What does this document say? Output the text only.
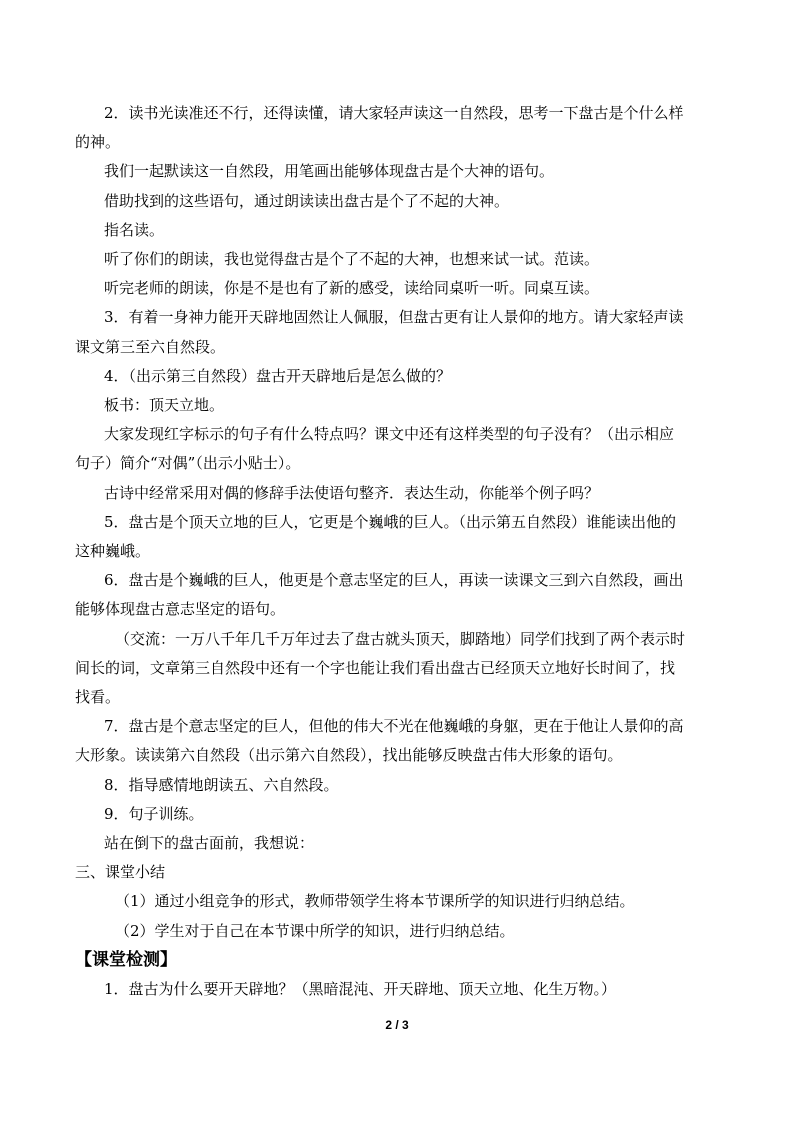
2．读书光读准还不行，还得读懂，请大家轻声读这一自然段，思考一下盘古是个什么样

的神。

我们一起默读这一自然段，用笔画出能够体现盘古是个大神的语句。

借助找到的这些语句，通过朗读读出盘古是个了不起的大神。

指名读。

听了你们的朗读，我也觉得盘古是个了不起的大神，也想来试一试。范读。

听完老师的朗读，你是不是也有了新的感受，读给同桌听一听。同桌互读。

3．有着一身神力能开天辟地固然让人佩服，但盘古更有让人景仰的地方。请大家轻声读

课文第三至六自然段。

4．（出示第三自然段）盘古开天辟地后是怎么做的？

板书：顶天立地。

大家发现红字标示的句子有什么特点吗？课文中还有这样类型的句子没有？（出示相应

句子）简介“对偶”（出示小贴士）。

古诗中经常采用对偶的修辞手法使语句整齐．表达生动，你能举个例子吗？

5．盘古是个顶天立地的巨人，它更是个巍峨的巨人。（出示第五自然段）谁能读出他的

这种巍峨。

6．盘古是个巍峨的巨人，他更是个意志坚定的巨人，再读一读课文三到六自然段，画出

能够体现盘古意志坚定的语句。

（交流：一万八千年几千万年过去了盘古就头顶天，脚踏地）同学们找到了两个表示时

间长的词，文章第三自然段中还有一个字也能让我们看出盘古已经顶天立地好长时间了，找

找看。

7．盘古是个意志坚定的巨人，但他的伟大不光在他巍峨的身躯，更在于他让人景仰的高

大形象。读读第六自然段（出示第六自然段），找出能够反映盘古伟大形象的语句。

8．指导感情地朗读五、六自然段。

9．句子训练。

站在倒下的盘古面前，我想说：

三、课堂小结

（1）通过小组竞争的形式，教师带领学生将本节课所学的知识进行归纳总结。

（2）学生对于自己在本节课中所学的知识，进行归纳总结。

【课堂检测】

1．盘古为什么要开天辟地？（黑暗混沌、开天辟地、顶天立地、化生万物。）

2 / 3
